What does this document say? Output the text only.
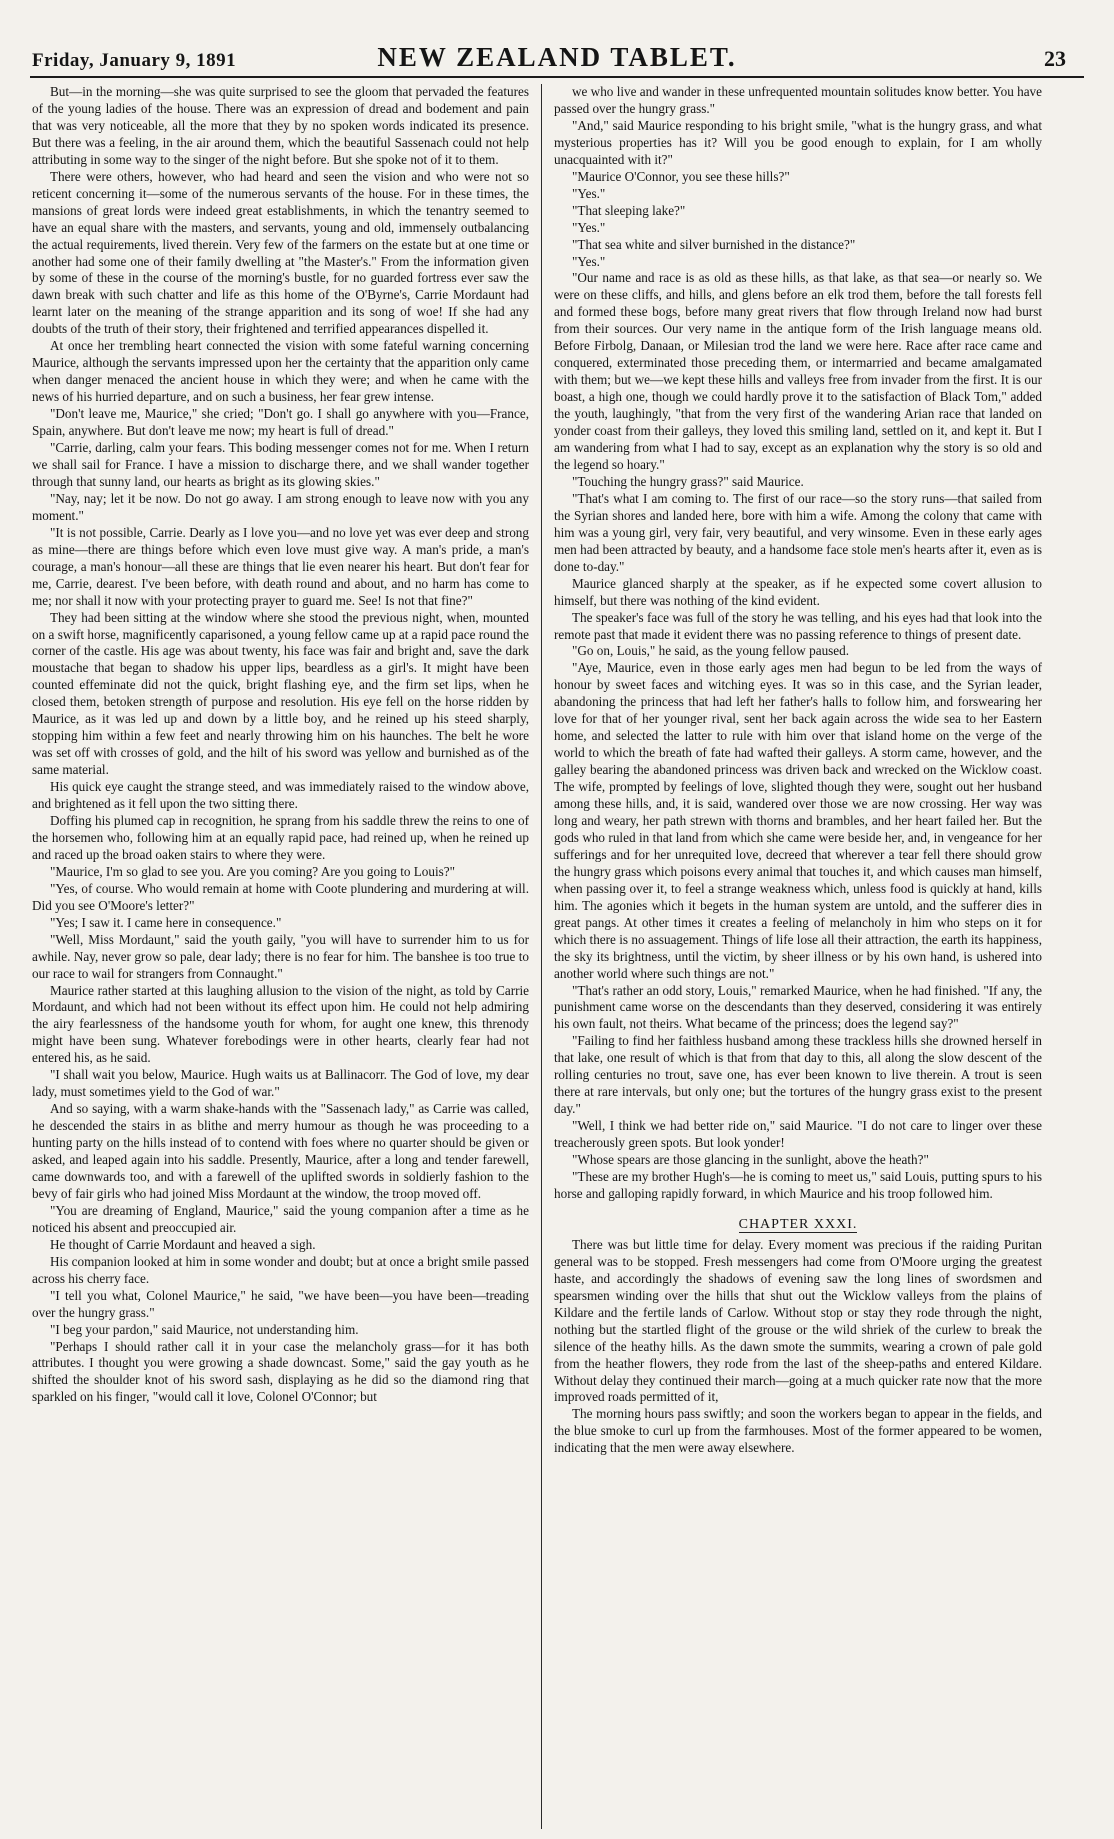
Friday, January 9, 1891	NEW ZEALAND TABLET.	23

But—in the morning—she was quite surprised to see the gloom that pervaded the features of the young ladies of the house. There was an expression of dread and bodement and pain that was very noticeable, all the more that they by no spoken words indicated its presence. But there was a feeling, in the air around them, which the beautiful Sassenach could not help attributing in some way to the singer of the night before. But she spoke not of it to them.

There were others, however, who had heard and seen the vision and who were not so reticent concerning it—some of the numerous servants of the house. For in these times, the mansions of great lords were indeed great establishments, in which the tenantry seemed to have an equal share with the masters, and servants, young and old, immensely outbalancing the actual requirements, lived therein. Very few of the farmers on the estate but at one time or another had some one of their family dwelling at "the Master's." From the information given by some of these in the course of the morning's bustle, for no guarded fortress ever saw the dawn break with such chatter and life as this home of the O'Byrne's, Carrie Mordaunt had learnt later on the meaning of the strange apparition and its song of woe! If she had any doubts of the truth of their story, their frightened and terrified appearances dispelled it.

At once her trembling heart connected the vision with some fateful warning concerning Maurice, although the servants impressed upon her the certainty that the apparition only came when danger menaced the ancient house in which they were; and when he came with the news of his hurried departure, and on such a business, her fear grew intense.

"Don't leave me, Maurice," she cried; "Don't go. I shall go anywhere with you—France, Spain, anywhere. But don't leave me now; my heart is full of dread."

"Carrie, darling, calm your fears. This boding messenger comes not for me. When I return we shall sail for France. I have a mission to discharge there, and we shall wander together through that sunny land, our hearts as bright as its glowing skies."

"Nay, nay; let it be now. Do not go away. I am strong enough to leave now with you any moment."

"It is not possible, Carrie. Dearly as I love you—and no love yet was ever deep and strong as mine—there are things before which even love must give way. A man's pride, a man's courage, a man's honour—all these are things that lie even nearer his heart. But don't fear for me, Carrie, dearest. I've been before, with death round and about, and no harm has come to me; nor shall it now with your protecting prayer to guard me. See! Is not that fine?"

They had been sitting at the window where she stood the previous night, when, mounted on a swift horse, magnificently caparisoned, a young fellow came up at a rapid pace round the corner of the castle. His age was about twenty, his face was fair and bright and, save the dark moustache that began to shadow his upper lips, beardless as a girl's. It might have been counted effeminate did not the quick, bright flashing eye, and the firm set lips, when he closed them, betoken strength of purpose and resolution. His eye fell on the horse ridden by Maurice, as it was led up and down by a little boy, and he reined up his steed sharply, stopping him within a few feet and nearly throwing him on his haunches. The belt he wore was set off with crosses of gold, and the hilt of his sword was yellow and burnished as of the same material.

His quick eye caught the strange steed, and was immediately raised to the window above, and brightened as it fell upon the two sitting there.

Doffing his plumed cap in recognition, he sprang from his saddle threw the reins to one of the horsemen who, following him at an equally rapid pace, had reined up, when he reined up and raced up the broad oaken stairs to where they were.

"Maurice, I'm so glad to see you. Are you coming? Are you going to Louis?"

"Yes, of course. Who would remain at home with Coote plundering and murdering at will. Did you see O'Moore's letter?"

"Yes; I saw it. I came here in consequence."

"Well, Miss Mordaunt," said the youth gaily, "you will have to surrender him to us for awhile. Nay, never grow so pale, dear lady; there is no fear for him. The banshee is too true to our race to wail for strangers from Connaught."

Maurice rather started at this laughing allusion to the vision of the night, as told by Carrie Mordaunt, and which had not been without its effect upon him. He could not help admiring the airy fearlessness of the handsome youth for whom, for aught one knew, this threnody might have been sung. Whatever forebodings were in other hearts, clearly fear had not entered his, as he said.

"I shall wait you below, Maurice. Hugh waits us at Ballinacorr. The God of love, my dear lady, must sometimes yield to the God of war."

And so saying, with a warm shake-hands with the "Sassenach lady," as Carrie was called, he descended the stairs in as blithe and merry humour as though he was proceeding to a hunting party on the hills instead of to contend with foes where no quarter should be given or asked, and leaped again into his saddle. Presently, Maurice, after a long and tender farewell, came downwards too, and with a farewell of the uplifted swords in soldierly fashion to the bevy of fair girls who had joined Miss Mordaunt at the window, the troop moved off.

"You are dreaming of England, Maurice," said the young companion after a time as he noticed his absent and preoccupied air.

He thought of Carrie Mordaunt and heaved a sigh.

His companion looked at him in some wonder and doubt; but at once a bright smile passed across his cherry face.

"I tell you what, Colonel Maurice," he said, "we have been—you have been—treading over the hungry grass."

"I beg your pardon," said Maurice, not understanding him.

"Perhaps I should rather call it in your case the melancholy grass—for it has both attributes. I thought you were growing a shade downcast. Some," said the gay youth as he shifted the shoulder knot of his sword sash, displaying as he did so the diamond ring that sparkled on his finger, "would call it love, Colonel O'Connor; but

we who live and wander in these unfrequented mountain solitudes know better. You have passed over the hungry grass."

"And," said Maurice responding to his bright smile, "what is the hungry grass, and what mysterious properties has it? Will you be good enough to explain, for I am wholly unacquainted with it?"

"Maurice O'Connor, you see these hills?"

"Yes."

"That sleeping lake?"

"Yes."

"That sea white and silver burnished in the distance?"

"Yes."

"Our name and race is as old as these hills, as that lake, as that sea—or nearly so. We were on these cliffs, and hills, and glens before an elk trod them, before the tall forests fell and formed these bogs, before many great rivers that flow through Ireland now had burst from their sources. Our very name in the antique form of the Irish language means old. Before Firbolg, Danaan, or Milesian trod the land we were here. Race after race came and conquered, exterminated those preceding them, or intermarried and became amalgamated with them; but we—we kept these hills and valleys free from invader from the first. It is our boast, a high one, though we could hardly prove it to the satisfaction of Black Tom," added the youth, laughingly, "that from the very first of the wandering Arian race that landed on yonder coast from their galleys, they loved this smiling land, settled on it, and kept it. But I am wandering from what I had to say, except as an explanation why the story is so old and the legend so hoary."

"Touching the hungry grass?" said Maurice.

"That's what I am coming to. The first of our race—so the story runs—that sailed from the Syrian shores and landed here, bore with him a wife. Among the colony that came with him was a young girl, very fair, very beautiful, and very winsome. Even in these early ages men had been attracted by beauty, and a handsome face stole men's hearts after it, even as is done to-day."

Maurice glanced sharply at the speaker, as if he expected some covert allusion to himself, but there was nothing of the kind evident.

The speaker's face was full of the story he was telling, and his eyes had that look into the remote past that made it evident there was no passing reference to things of present date.

"Go on, Louis," he said, as the young fellow paused.

"Aye, Maurice, even in those early ages men had begun to be led from the ways of honour by sweet faces and witching eyes. It was so in this case, and the Syrian leader, abandoning the princess that had left her father's halls to follow him, and forswearing her love for that of her younger rival, sent her back again across the wide sea to her Eastern home, and selected the latter to rule with him over that island home on the verge of the world to which the breath of fate had wafted their galleys. A storm came, however, and the galley bearing the abandoned princess was driven back and wrecked on the Wicklow coast. The wife, prompted by feelings of love, slighted though they were, sought out her husband among these hills, and, it is said, wandered over those we are now crossing. Her way was long and weary, her path strewn with thorns and brambles, and her heart failed her. But the gods who ruled in that land from which she came were beside her, and, in vengeance for her sufferings and for her unrequited love, decreed that wherever a tear fell there should grow the hungry grass which poisons every animal that touches it, and which causes man himself, when passing over it, to feel a strange weakness which, unless food is quickly at hand, kills him. The agonies which it begets in the human system are untold, and the sufferer dies in great pangs. At other times it creates a feeling of melancholy in him who steps on it for which there is no assuagement. Things of life lose all their attraction, the earth its happiness, the sky its brightness, until the victim, by sheer illness or by his own hand, is ushered into another world where such things are not."

"That's rather an odd story, Louis," remarked Maurice, when he had finished. "If any, the punishment came worse on the descendants than they deserved, considering it was entirely his own fault, not theirs. What became of the princess; does the legend say?"

"Failing to find her faithless husband among these trackless hills she drowned herself in that lake, one result of which is that from that day to this, all along the slow descent of the rolling centuries no trout, save one, has ever been known to live therein. A trout is seen there at rare intervals, but only one; but the tortures of the hungry grass exist to the present day."

"Well, I think we had better ride on," said Maurice. "I do not care to linger over these treacherously green spots. But look yonder!

"Whose spears are those glancing in the sunlight, above the heath?"

"These are my brother Hugh's—he is coming to meet us," said Louis, putting spurs to his horse and galloping rapidly forward, in which Maurice and his troop followed him.

CHAPTER XXXI.

There was but little time for delay. Every moment was precious if the raiding Puritan general was to be stopped. Fresh messengers had come from O'Moore urging the greatest haste, and accordingly the shadows of evening saw the long lines of swordsmen and spearsmen winding over the hills that shut out the Wicklow valleys from the plains of Kildare and the fertile lands of Carlow. Without stop or stay they rode through the night, nothing but the startled flight of the grouse or the wild shriek of the curlew to break the silence of the heathy hills. As the dawn smote the summits, wearing a crown of pale gold from the heather flowers, they rode from the last of the sheep-paths and entered Kildare. Without delay they continued their march—going at a much quicker rate now that the more improved roads permitted of it,

The morning hours pass swiftly; and soon the workers began to appear in the fields, and the blue smoke to curl up from the farmhouses. Most of the former appeared to be women, indicating that the men were away elsewhere.
